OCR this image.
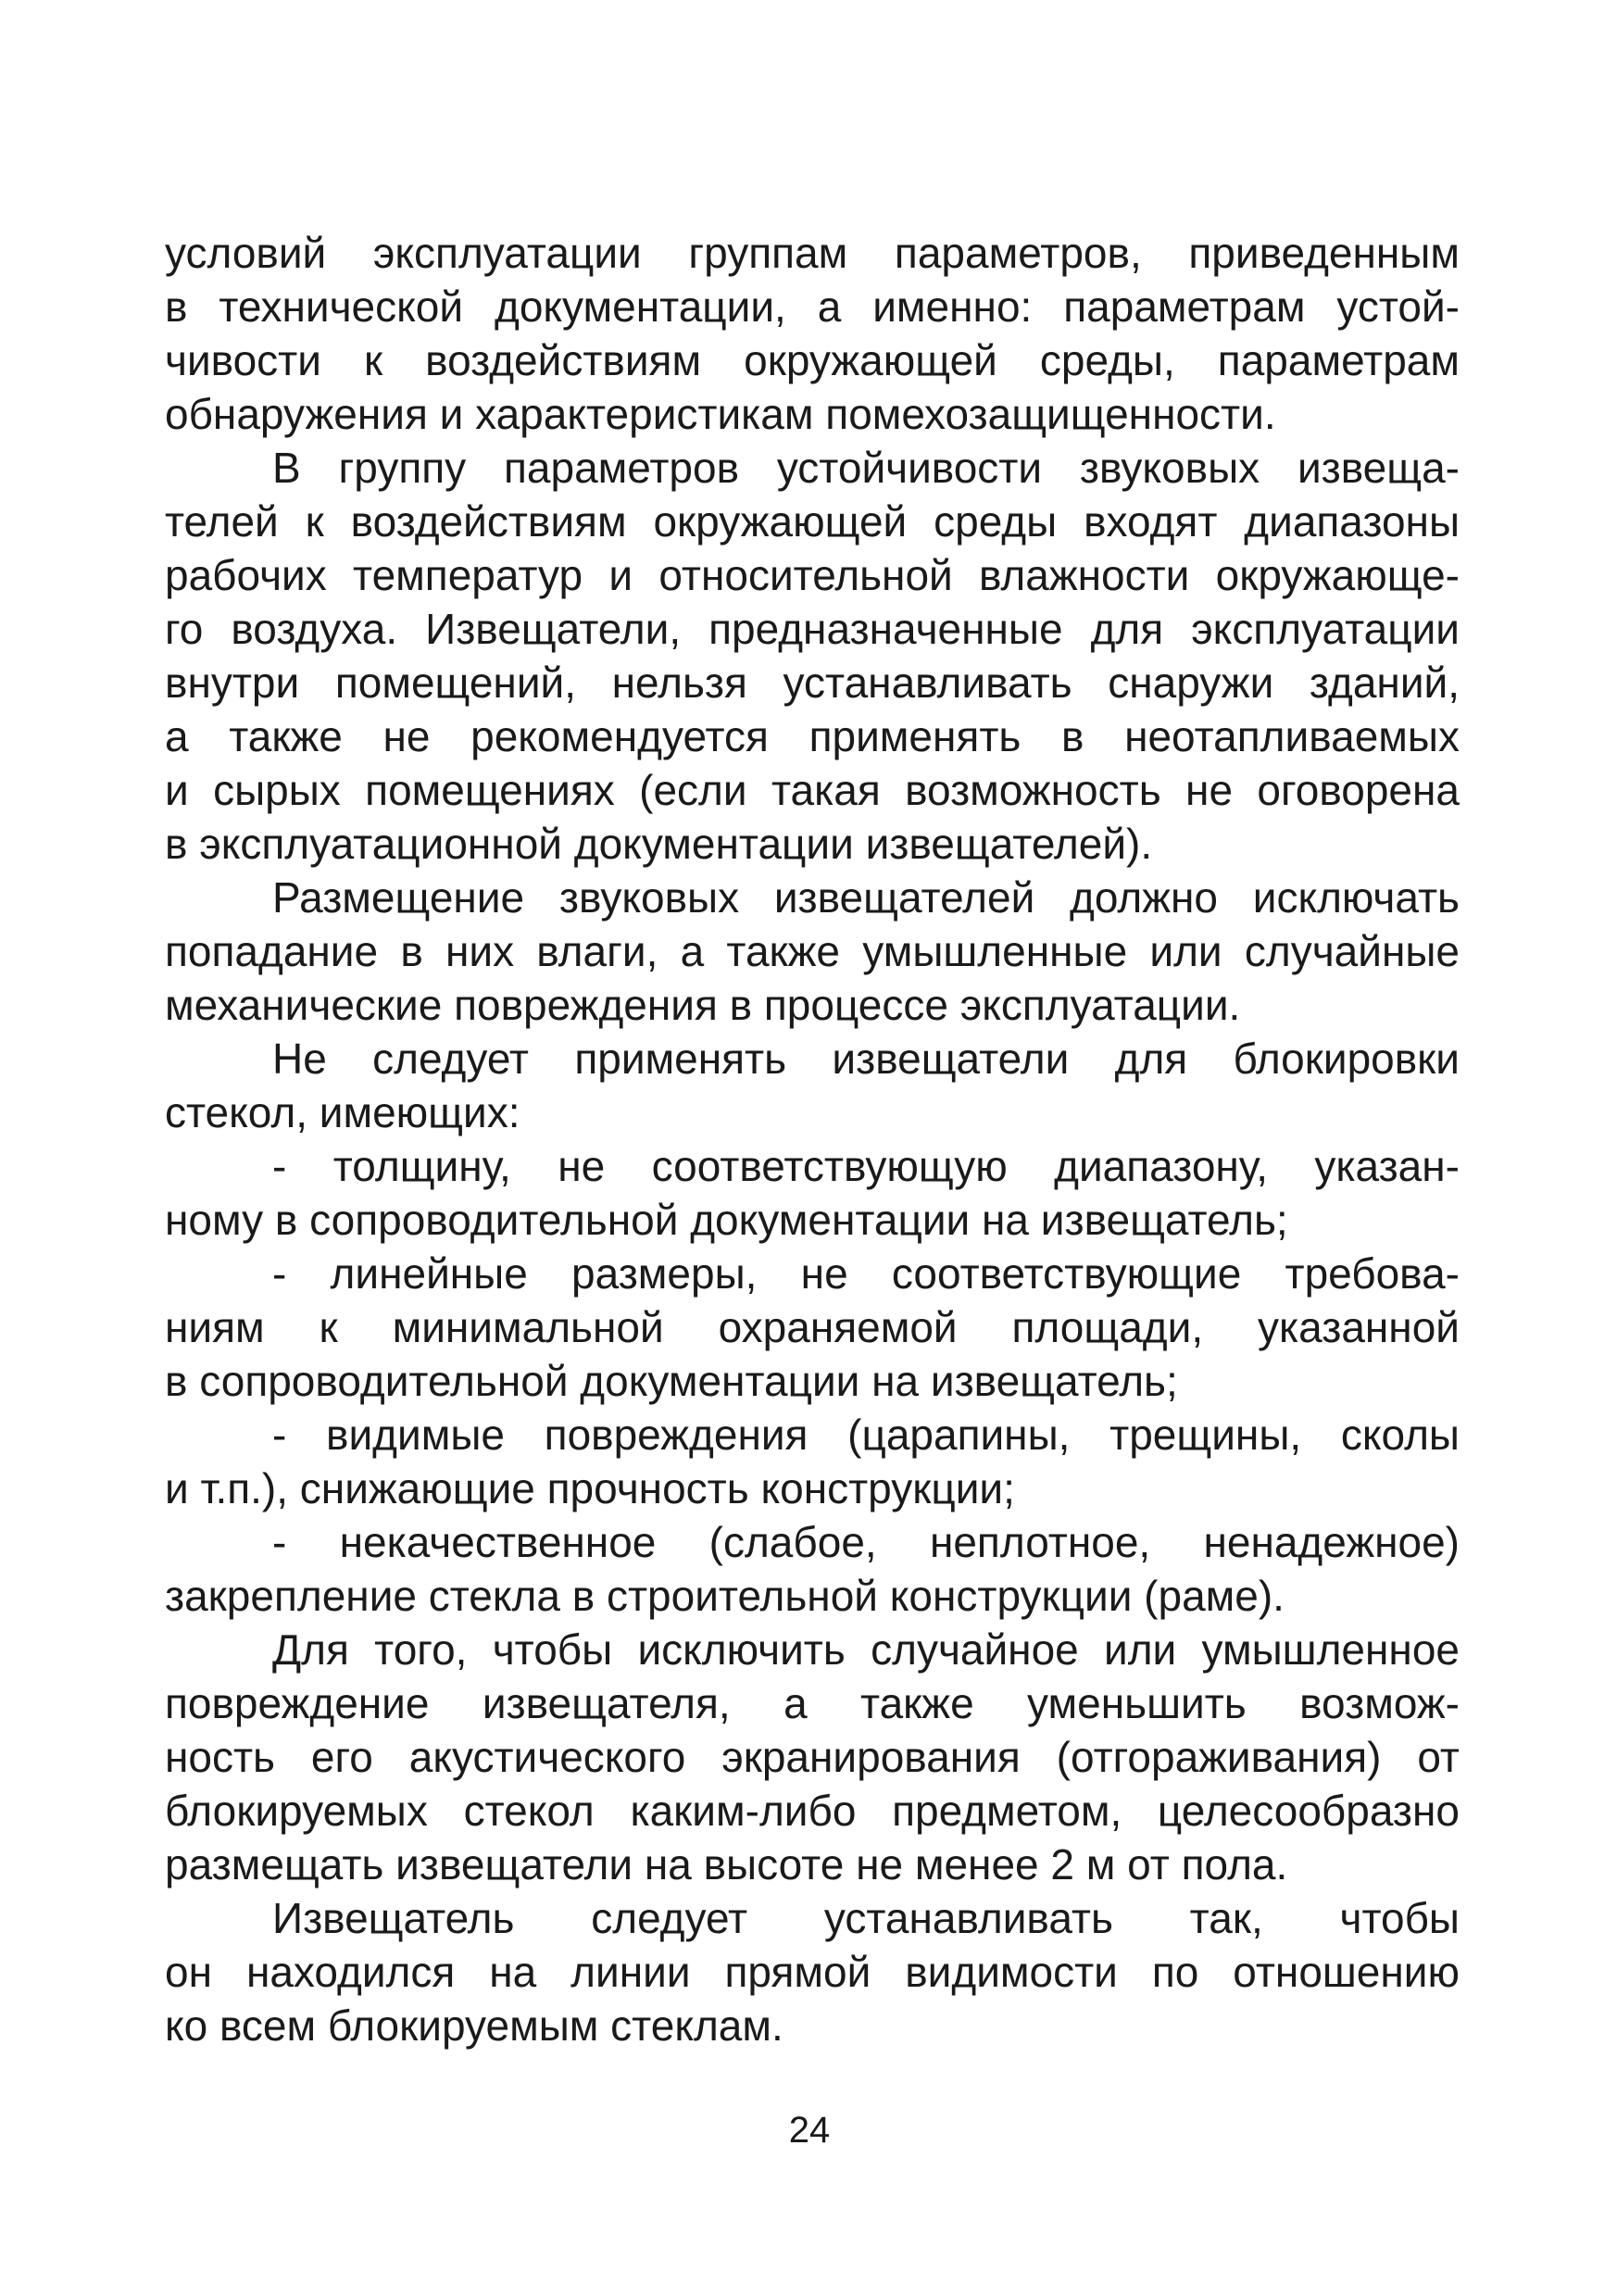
условий эксплуатации группам параметров, приведенным
в технической документации, а именно: параметрам устой-
чивости к воздействиям окружающей среды, параметрам
обнаружения и характеристикам помехозащищенности.
В группу параметров устойчивости звуковых извеща-
телей к воздействиям окружающей среды входят диапазоны
рабочих температур и относительной влажности окружающе-
го воздуха. Извещатели, предназначенные для эксплуатации
внутри помещений, нельзя устанавливать снаружи зданий,
а также не рекомендуется применять в неотапливаемых
и сырых помещениях (если такая возможность не оговорена
в эксплуатационной документации извещателей).
Размещение звуковых извещателей должно исключать
попадание в них влаги, а также умышленные или случайные
механические повреждения в процессе эксплуатации.
Не следует применять извещатели для блокировки
стекол, имеющих:
- толщину, не соответствующую диапазону, указан-
ному в сопроводительной документации на извещатель;
- линейные размеры, не соответствующие требова-
ниям к минимальной охраняемой площади, указанной
в сопроводительной документации на извещатель;
- видимые повреждения (царапины, трещины, сколы
и т.п.), снижающие прочность конструкции;
- некачественное (слабое, неплотное, ненадежное)
закрепление стекла в строительной конструкции (раме).
Для того, чтобы исключить случайное или умышленное
повреждение извещателя, а также уменьшить возмож-
ность его акустического экранирования (отгораживания) от
блокируемых стекол каким-либо предметом, целесообразно
размещать извещатели на высоте не менее 2 м от пола.
Извещатель следует устанавливать так, чтобы
он находился на линии прямой видимости по отношению
ко всем блокируемым стеклам.
24
